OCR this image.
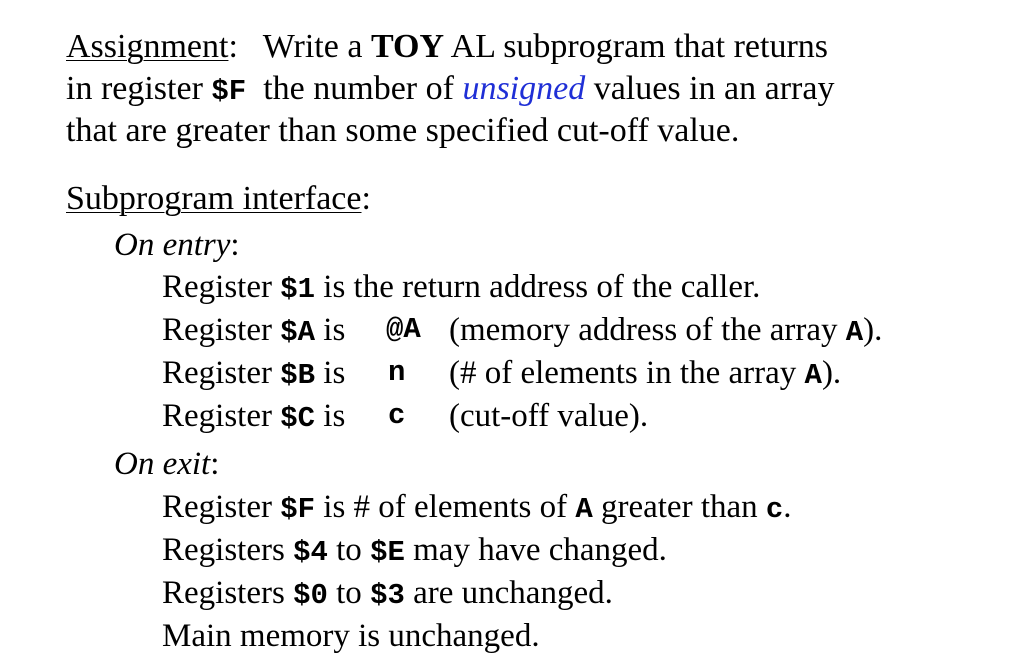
Assignment: Write a TOY AL subprogram that returns
in register $F the number of unsigned values in an array
that are greater than some specified cut-off value.
Subprogram interface:
On entry:
Register $1 is the return address of the caller.
Register $A is @A (memory address of the array A).
Register $B is n (# of elements in the array A).
Register $C is c (cut-off value).
On exit:
Register $F is # of elements of A greater than c.
Registers $4 to $E may have changed.
Registers $0 to $3 are unchanged.
Main memory is unchanged.
